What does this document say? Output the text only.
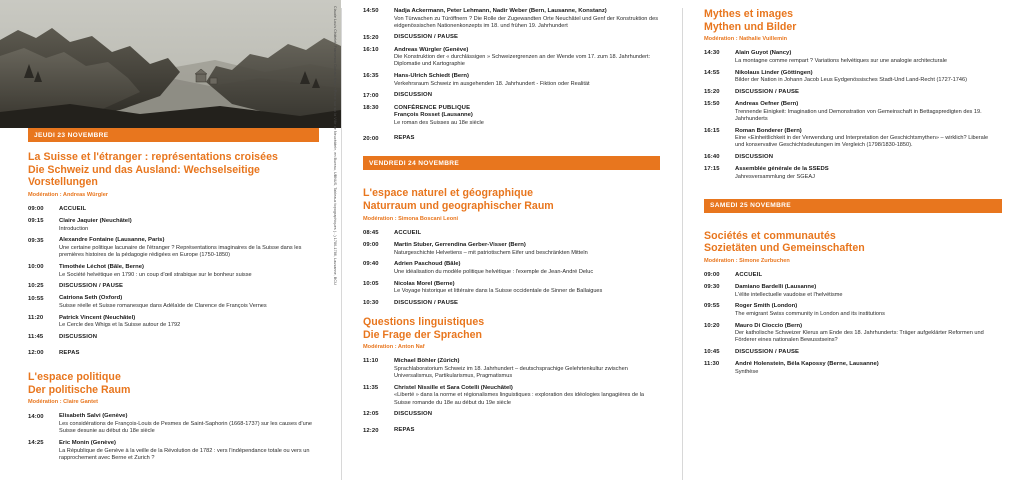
Claude Louis Châtelet, Francesco Donato Nina, «Pierre sur six la Ville de Neuchâtel», en Bureau, UBNUS, Tableaux topographiques (...) 1780-1786, Lausanne, BCU
JEUDI 23 NOVEMBRE
La Suisse et l'étranger : représentations croisées
Die Schweiz und das Ausland: Wechselseitige Vorstellungen
Modération : Andreas Würgler
09:00	ACCUEIL

09:15	Claire Jaquier (Neuchâtel)

Introduction

09:35	Alexandre Fontaine (Lausanne, Paris)

Une certaine politique lacunaire de l'étranger ? Représentations imaginaires de la Suisse dans les premières histoires de la pédagogie rédigées en Europe (1750-1850)

10:00	Timothée Léchot (Bâle, Berne)

Le Société helvétique en 1790 : un coup d'œil strabique sur le bonheur suisse

10:25	DISCUSSION / PAUSE

10:55	Catriona Seth (Oxford)

Suisse réelle et Suisse romanesque dans Adélaïde de Clarence de François Vernes

11:20	Patrick Vincent (Neuchâtel)

Le Cercle des Whigs et la Suisse autour de 1792

11:45	DISCUSSION

12:00	REPAS

L'espace politique
Der politische Raum
Modération : Claire Gantet
14:00	Elisabeth Salvi (Genève)

Les considérations de François-Louis de Pesmes de Saint-Saphorin (1668-1737) sur les causes d'une Suisse desunie au début du 18e siècle

14:25	Eric Monin (Genève)

La République de Genève à la veille de la Révolution de 1782 : vers l'indépendance totale ou vers un rapprochement avec Berne et Zurich ?

14:50	Nadja Ackermann, Peter Lehmann, Nadir Weber (Bern, Lausanne, Konstanz)

Von Türwachen zu Türöffnern ? Die Rolle der Zugewandten Orte Neuchâtel und Genf der Konstruktion des eidgenössischen Nationenkonzepts im 18. und frühen 19. Jahrhundert

15:20	DISCUSSION / PAUSE

16:10	Andreas Würgler (Genève)

Die Konstruktion der « durchlässigen » Schweizergrenzen an der Wende vom 17. zum 18. Jahrhundert: Diplomatie und Kartographie

16:35	Hans-Ulrich Schiedt (Bern)

Verkehrsraum Schweiz im ausgehenden 18. Jahrhundert - Fiktion oder Realität

17:00	DISCUSSION

18:30	CONFÉRENCE PUBLIQUE

François Rosset (Lausanne)

Le roman des Suisses au 18e siècle

20:00	REPAS

VENDREDI 24 NOVEMBRE
L'espace naturel et géographique
Naturraum und geographischer Raum
Modération : Simona Boscani Leoni
08:45	ACCUEIL

09:00	Martin Stuber, Gerrendina Gerber-Visser (Bern)

Naturgeschichte Helvetiens – mit patriotischem Eifer und beschränkten Mitteln

09:40	Adrien Paschoud (Bâle)

Une idéalisation du modèle politique helvétique : l'exemple de Jean-André Deluc

10:05	Nicolas Morel (Berne)

Le Voyage historique et littéraire dans la Suisse occidentale de Sinner de Ballaigues

10:30	DISCUSSION / PAUSE

Questions linguistiques
Die Frage der Sprachen
Modération : Anton Naf
11:10	Michael Böhler (Zürich)

Sprachlaboratorium Schweiz im 18. Jahrhundert – deutschsprachige Gelehrtenkultur zwischen Universalismus, Partikularismus, Pragmatismus

11:35	Christel Nissille et Sara Cotelli (Neuchâtel)

«Liberté » dans la norme et régionalismes linguistiques : exploration des idéologies langagières de la Suisse romande du 18e au début du 19e siècle

12:05	DISCUSSION

12:20	REPAS

Mythes et images
Mythen und Bilder
Modération : Nathalie Vuillemin
14:30	Alain Guyot (Nancy)

La montagne comme rempart ? Variations helvétiques sur une analogie architecturale

14:55	Nikolaus Linder (Göttingen)

Bilder der Nation in Johann Jacob Leus Eydgenössisches Stadt-Und Land-Recht (1727-1746)

15:20	DISCUSSION / PAUSE

15:50	Andreas Oefner (Bern)

Trennende Einigkeit: Imagination und Demonstration von Gemeinschaft in Bettagspredigten des 19. Jahrhunderts

16:15	Roman Bonderer (Bern)

Eine «Einheitlichkeit in der Verwendung und Interpretation der Geschichtsmythen» – wirklich? Liberale und konservative Geschichtsdeutungen im Vergleich (1798/1830-1850).

16:40	DISCUSSION

17:15	Assemblée générale de la SSEDS

Jahresversammlung der SGEAJ

SAMEDI 25 NOVEMBRE
Sociétés et communautés
Sozietäten und Gemeinschaften
Modération : Simone Zurbuchen
09:00	ACCUEIL

09:30	Damiano Bardelli (Lausanne)

L'élite intellectuelle vaudoise et l'helvétisme

09:55	Roger Smith (London)

The emigrant Swiss community in London and its institutions

10:20	Mauro Di Cioccio (Bern)

Der katholische Schweizer Klerus am Ende des 18. Jahrhunderts: Träger aufgeklärter Reformen und Förderer eines nationalen Bewusstseins?

10:45	DISCUSSION / PAUSE

11:30	André Holenstein, Béla Kapossy (Berne, Lausanne)

Synthèse
